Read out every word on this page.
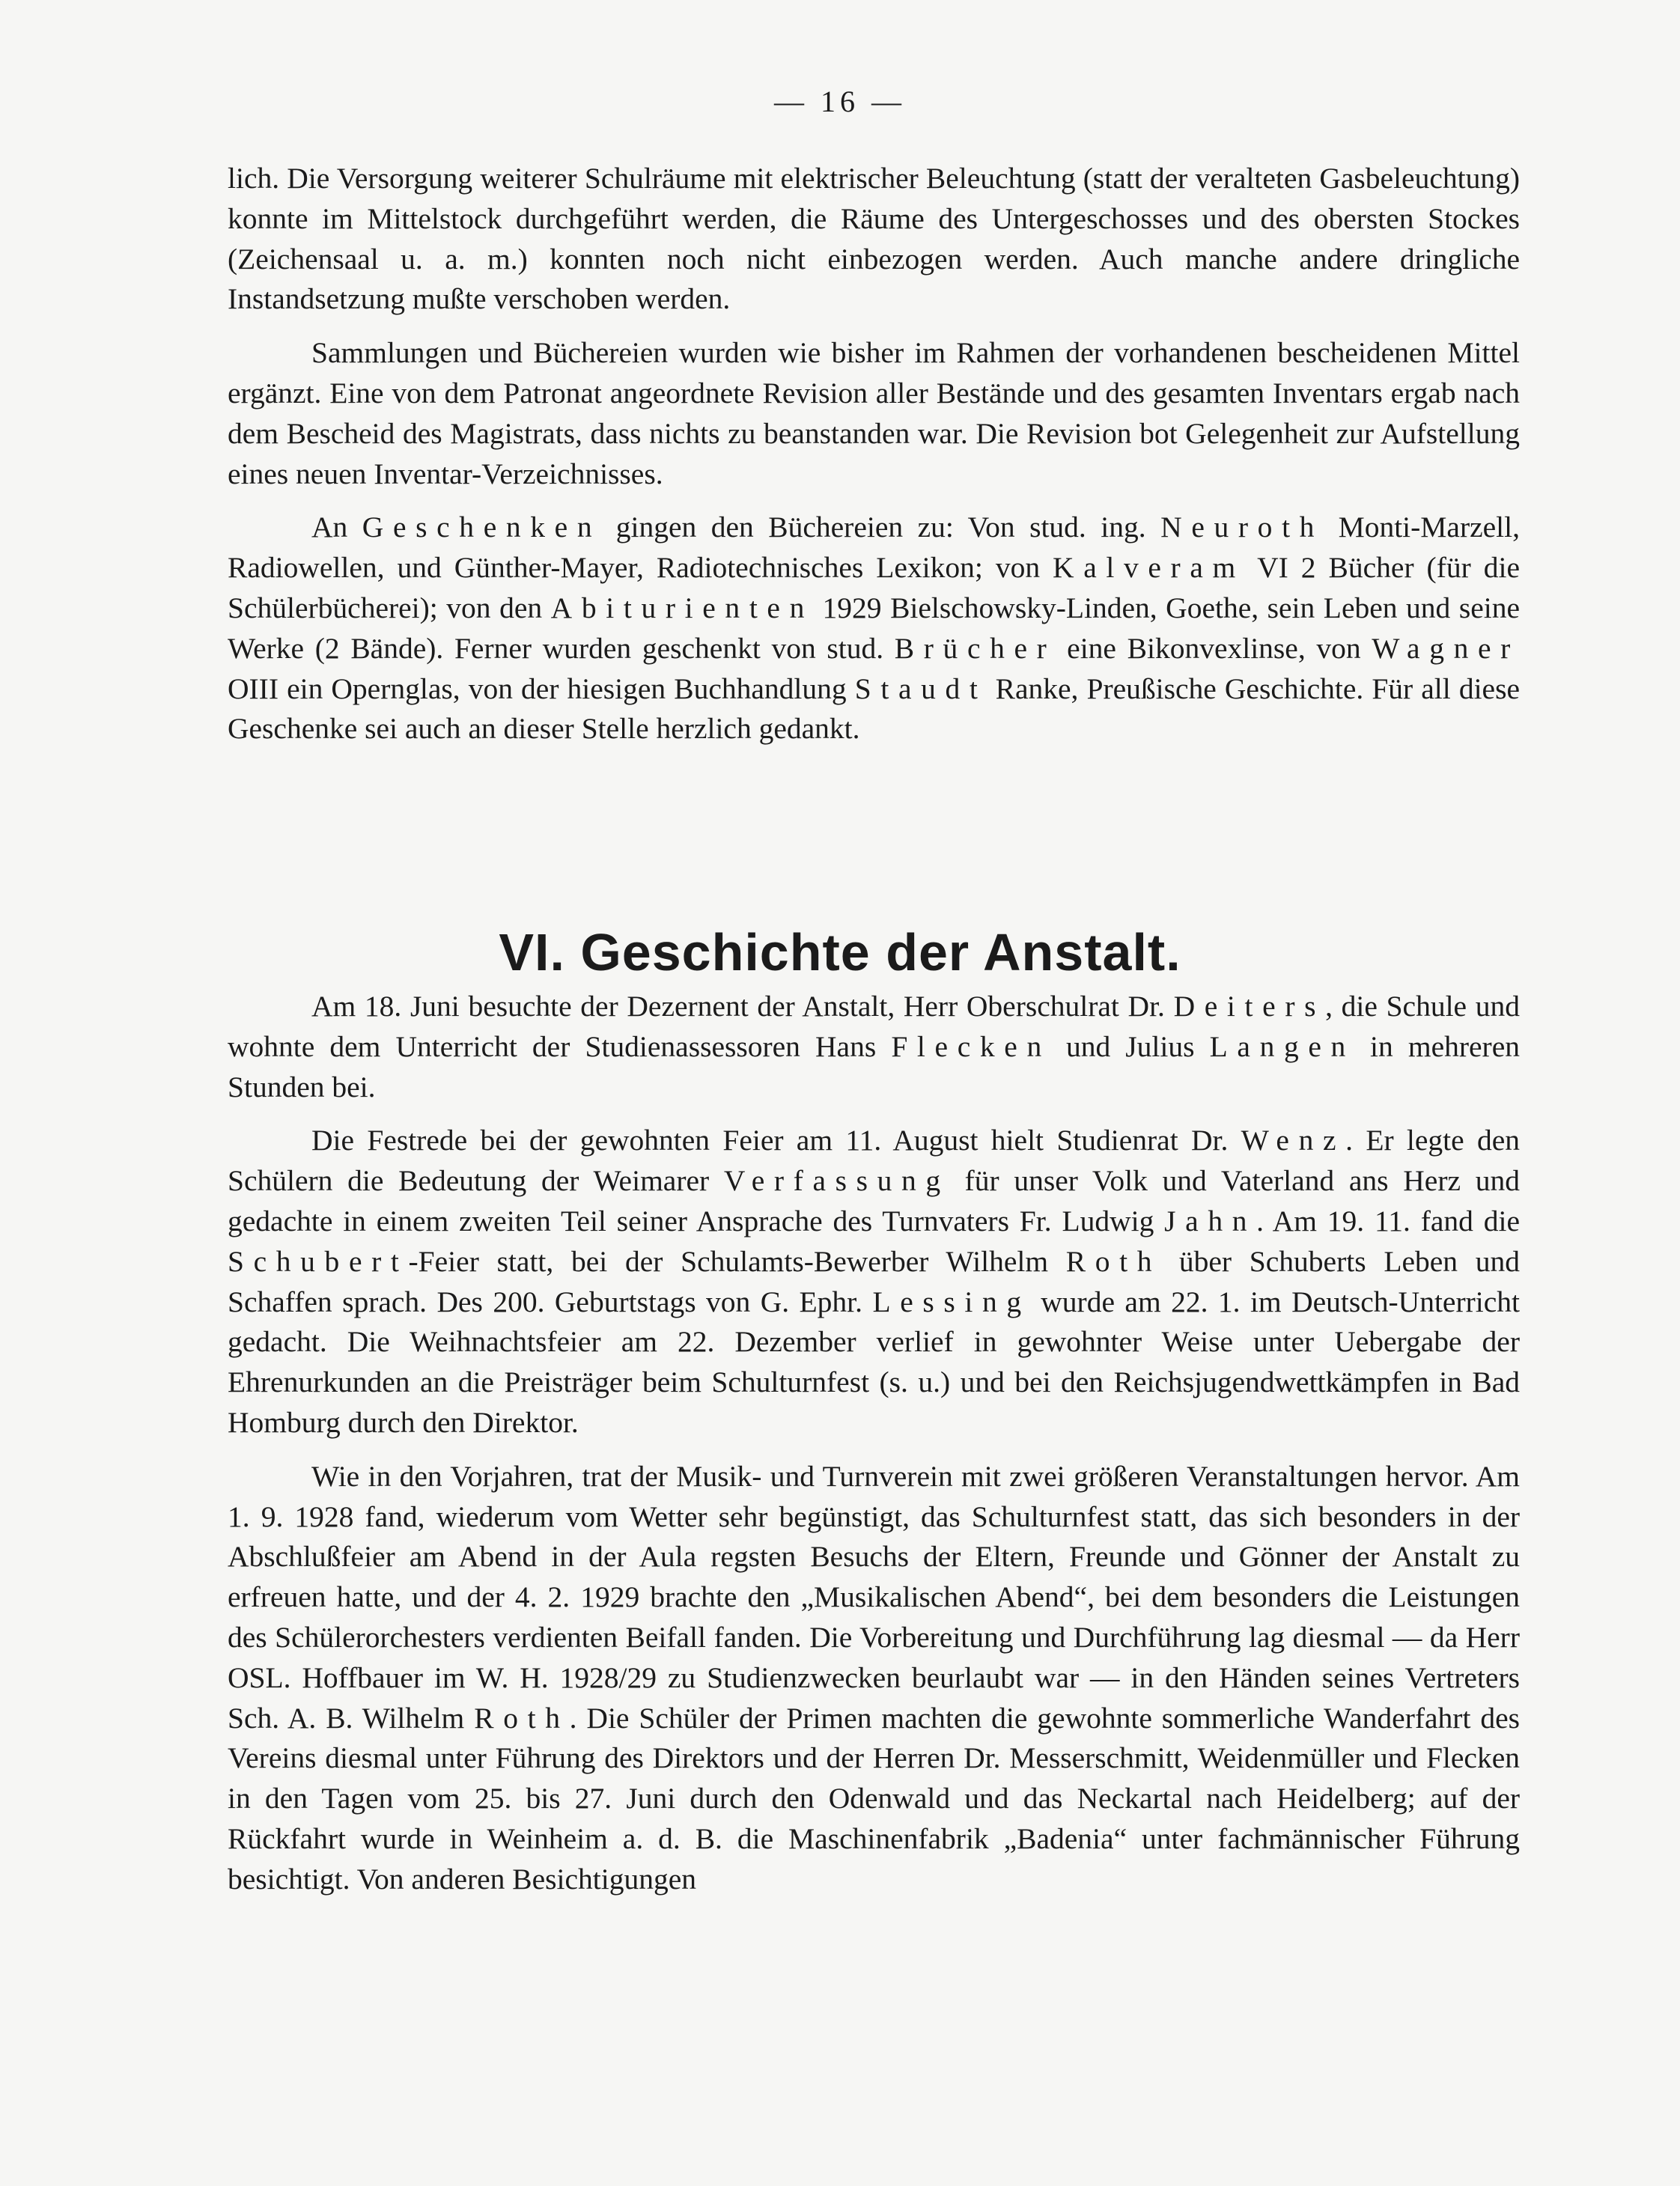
— 16 —

lich. Die Versorgung weiterer Schulräume mit elektrischer Beleuchtung (statt der veralteten Gasbeleuchtung) konnte im Mittelstock durchgeführt werden, die Räume des Untergeschosses und des obersten Stockes (Zeichensaal u. a. m.) konnten noch nicht einbezogen werden. Auch manche andere dringliche Instandsetzung mußte verschoben werden.

Sammlungen und Büchereien wurden wie bisher im Rahmen der vorhandenen bescheidenen Mittel ergänzt. Eine von dem Patronat angeordnete Revision aller Bestände und des gesamten Inventars ergab nach dem Bescheid des Magistrats, dass nichts zu beanstanden war. Die Revision bot Gelegenheit zur Aufstellung eines neuen Inventar-Verzeichnisses.

An Geschenken gingen den Büchereien zu: Von stud. ing. Neuroth Monti-Marzell, Radiowellen, und Günther-Mayer, Radiotechnisches Lexikon; von Kalveram VI 2 Bücher (für die Schülerbücherei); von den Abiturienten 1929 Bielschowsky-Linden, Goethe, sein Leben und seine Werke (2 Bände). Ferner wurden geschenkt von stud. Brücher eine Bikonvexlinse, von Wagner OIII ein Opernglas, von der hiesigen Buchhandlung Staudt Ranke, Preußische Geschichte. Für all diese Geschenke sei auch an dieser Stelle herzlich gedankt.

VI. Geschichte der Anstalt.

Am 18. Juni besuchte der Dezernent der Anstalt, Herr Oberschulrat Dr. Deiters, die Schule und wohnte dem Unterricht der Studienassessoren Hans Flecken und Julius Langen in mehreren Stunden bei.

Die Festrede bei der gewohnten Feier am 11. August hielt Studienrat Dr. Wenz. Er legte den Schülern die Bedeutung der Weimarer Verfassung für unser Volk und Vaterland ans Herz und gedachte in einem zweiten Teil seiner Ansprache des Turnvaters Fr. Ludwig Jahn. Am 19. 11. fand die Schubert-Feier statt, bei der Schulamts-Bewerber Wilhelm Roth über Schuberts Leben und Schaffen sprach. Des 200. Geburtstags von G. Ephr. Lessing wurde am 22. 1. im Deutsch-Unterricht gedacht. Die Weihnachtsfeier am 22. Dezember verlief in gewohnter Weise unter Uebergabe der Ehrenurkunden an die Preisträger beim Schulturnfest (s. u.) und bei den Reichsjugendwettkämpfen in Bad Homburg durch den Direktor.

Wie in den Vorjahren, trat der Musik- und Turnverein mit zwei größeren Veranstaltungen hervor. Am 1. 9. 1928 fand, wiederum vom Wetter sehr begünstigt, das Schulturnfest statt, das sich besonders in der Abschlußfeier am Abend in der Aula regsten Besuchs der Eltern, Freunde und Gönner der Anstalt zu erfreuen hatte, und der 4. 2. 1929 brachte den „Musikalischen Abend“, bei dem besonders die Leistungen des Schülerorchesters verdienten Beifall fanden. Die Vorbereitung und Durchführung lag diesmal — da Herr OSL. Hoffbauer im W. H. 1928/29 zu Studienzwecken beurlaubt war — in den Händen seines Vertreters Sch. A. B. Wilhelm Roth. Die Schüler der Primen machten die gewohnte sommerliche Wanderfahrt des Vereins diesmal unter Führung des Direktors und der Herren Dr. Messerschmitt, Weidenmüller und Flecken in den Tagen vom 25. bis 27. Juni durch den Odenwald und das Neckartal nach Heidelberg; auf der Rückfahrt wurde in Weinheim a. d. B. die Maschinenfabrik „Badenia“ unter fachmännischer Führung besichtigt. Von anderen Besichtigungen
